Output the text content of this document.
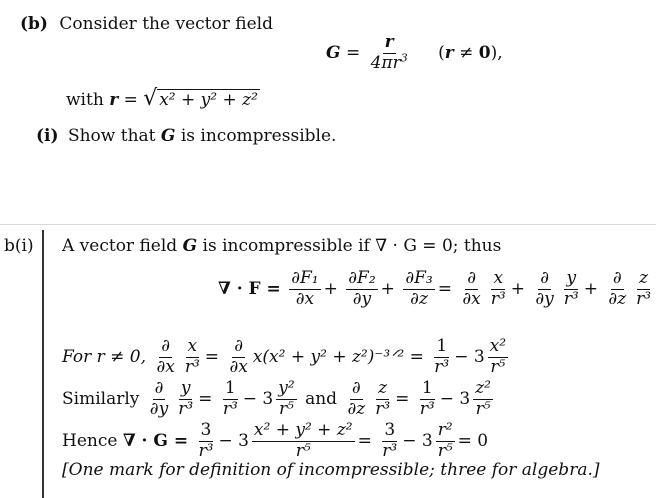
(b) Consider the vector field
$G = \frac{r}{4\pi r^3} (r \ne 0)$,
with r = √ x² + y² + z²
(i) Show that G is incompressible.
b(i) A vector field G is incompressible if ∇ · G = 0; thus
∇ · $F = \frac{\text{∂F₁}}{\partial x} + \frac{\text{∂F₂}}{\partial y} + \frac{\text{∂F₃}}{\partial z} = \frac{\partial}{\partial x} \frac{x}{\text{r³}} + \frac{\partial}{\partial y} \frac{y}{\text{r³}} + \frac{\partial}{\partial z} \frac{z}{\text{r³}}$
For r ≠ 0, $\frac{\partial}{\partial x} \frac{x}{\text{r³}} = \frac{\partial}{\partial x} x(x^2 + y^2$ + z²)⁻³ᐟ² = $\frac{1}{\text{r³}} - 3 \frac{\text{x²}}{\text{r⁵}}$
Similarly $\frac{\partial}{\partial y} \frac{y}{\text{r³}} = \frac{1}{\text{r³}} - 3 \frac{\text{y²}}{\text{r⁵}}$ and $\frac{\partial}{\partial z} \frac{z}{\text{r³}} = \frac{1}{\text{r³}} - 3 \frac{\text{z²}}{\text{r⁵}}$
Hence ∇ · $G = \frac{3}{\text{r³}} - 3 \frac{\text{x² + y² + z²}}{\text{r⁵}} = \frac{3}{\text{r³}} - 3 \frac{\text{r²}}{\text{r⁵}} = 0$
[One mark for definition of incompressible; three for algebra.]
